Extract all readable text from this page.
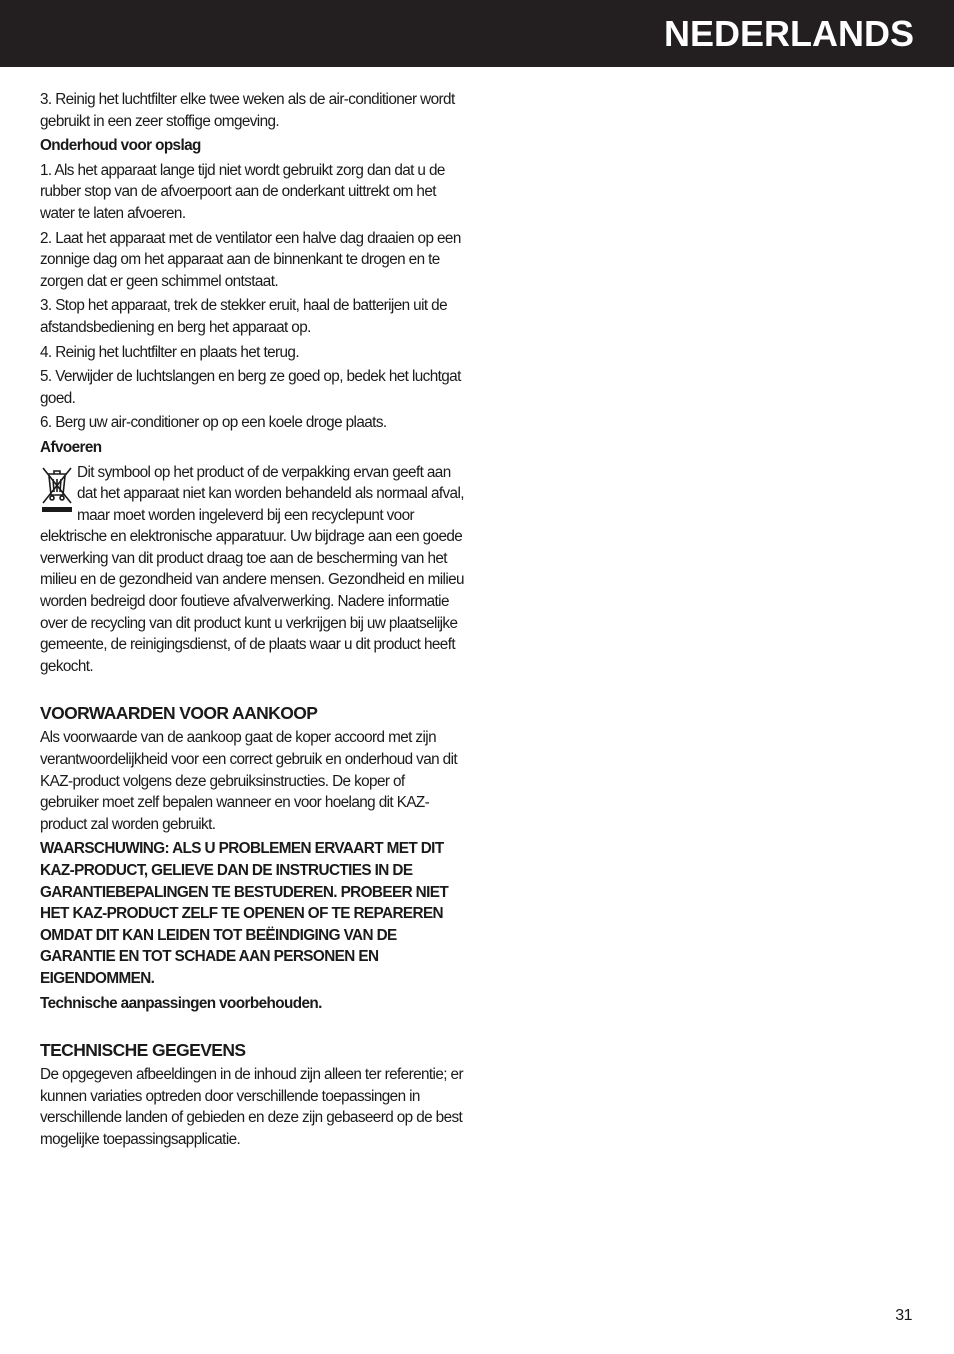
NEDERLANDS
3. Reinig het luchtfilter elke twee weken als de air-conditioner wordt gebruikt in een zeer stoffige omgeving.
Onderhoud voor opslag
1. Als het apparaat lange tijd niet wordt gebruikt zorg dan dat u de rubber stop van de afvoerpoort aan de onderkant uittrekt om het water te laten afvoeren.
2. Laat het apparaat met de ventilator een halve dag draaien op een zonnige dag om het apparaat aan de binnenkant te drogen en te zorgen dat er geen schimmel ontstaat.
3. Stop het apparaat, trek de stekker eruit, haal de batterijen uit de afstandsbediening en berg het apparaat op.
4. Reinig het luchtfilter en plaats het terug.
5. Verwijder de luchtslangen en berg ze goed op, bedek het luchtgat goed.
6. Berg uw air-conditioner op op een koele droge plaats.
Afvoeren
Dit symbool op het product of de verpakking ervan geeft aan dat het apparaat niet kan worden behandeld als normaal afval, maar moet worden ingeleverd bij een recyclepunt voor elektrische en elektronische apparatuur. Uw bijdrage aan een goede verwerking van dit product draag toe aan de bescherming van het milieu en de gezondheid van andere mensen. Gezondheid en milieu worden bedreigd door foutieve afvalverwerking. Nadere informatie over de recycling van dit product kunt u verkrijgen bij uw plaatselijke gemeente, de reinigingsdienst, of de plaats waar u dit product heeft gekocht.
VOORWAARDEN VOOR AANKOOP
Als voorwaarde van de aankoop gaat de koper accoord met zijn verantwoordelijkheid voor een correct gebruik en onderhoud van dit KAZ-product volgens deze gebruiksinstructies. De koper of gebruiker moet zelf bepalen wanneer en voor hoelang dit KAZ-product zal worden gebruikt.
WAARSCHUWING: ALS U PROBLEMEN ERVAART MET DIT KAZ-PRODUCT, GELIEVE DAN DE INSTRUCTIES IN DE GARANTIEBEPALINGEN TE BESTUDEREN. PROBEER NIET HET KAZ-PRODUCT ZELF TE OPENEN OF TE REPAREREN OMDAT DIT KAN LEIDEN TOT BEËINDIGING VAN DE GARANTIE EN TOT SCHADE AAN PERSONEN EN EIGENDOMMEN.
Technische aanpassingen voorbehouden.
TECHNISCHE GEGEVENS
De opgegeven afbeeldingen in de inhoud zijn alleen ter referentie; er kunnen variaties optreden door verschillende toepassingen in verschillende landen of gebieden en deze zijn gebaseerd op de best mogelijke toepassingsapplicatie.
31
